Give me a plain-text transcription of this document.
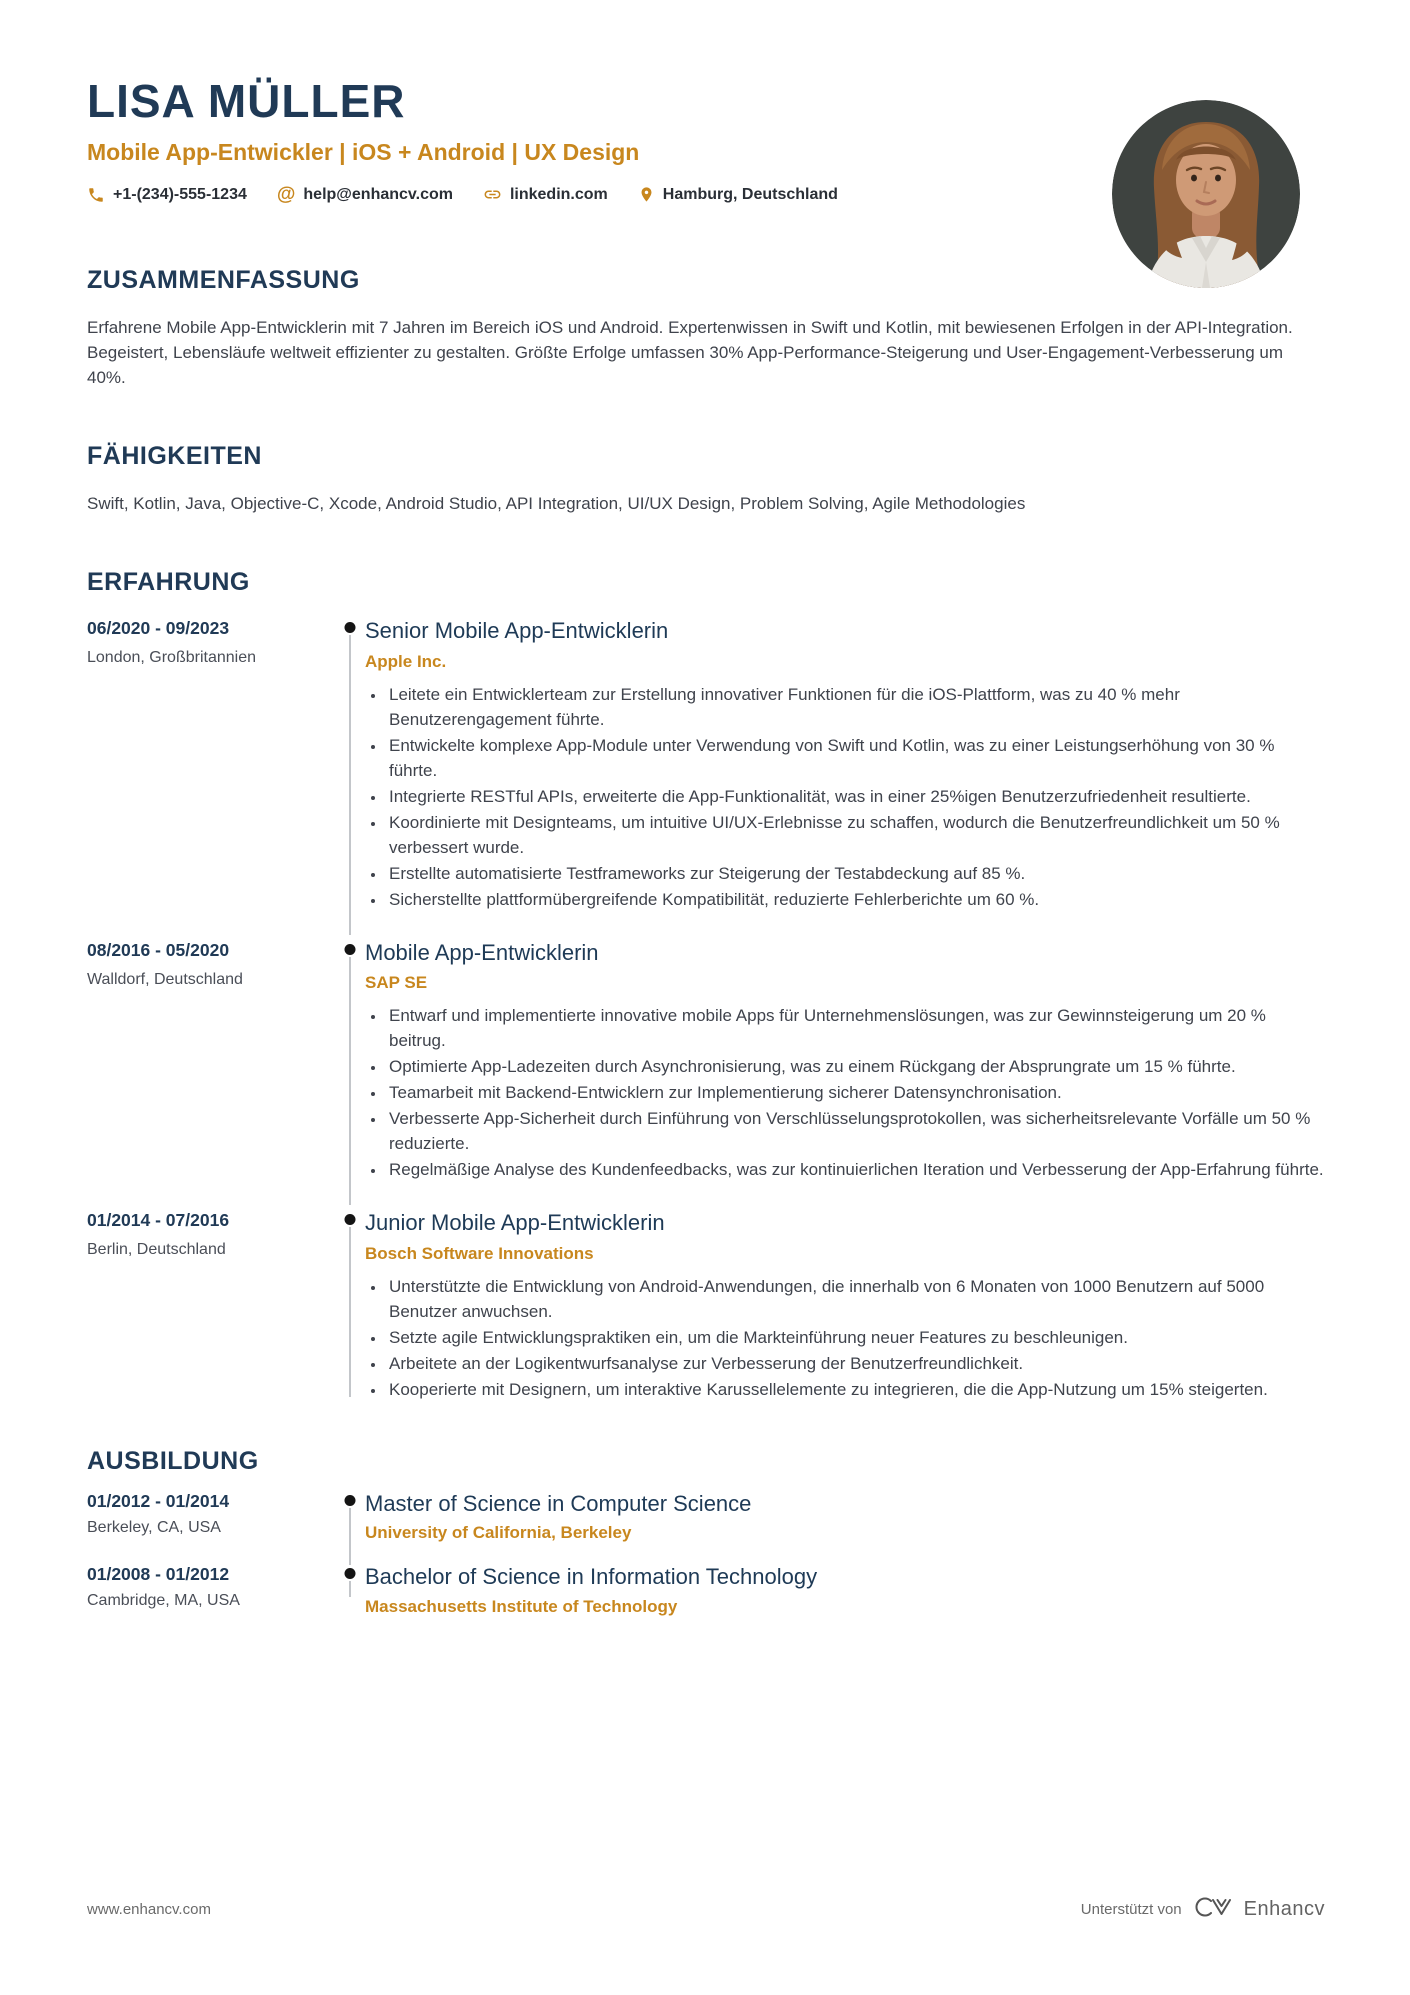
LISA MÜLLER
Mobile App-Entwickler | iOS + Android | UX Design
+1-(234)-555-1234 @ help@enhancv.com	linkedin.com	Hamburg, Deutschland
ZUSAMMENFASSUNG
Erfahrene Mobile App-Entwicklerin mit 7 Jahren im Bereich iOS und Android. Expertenwissen in Swift und Kotlin, mit bewiesenen Erfolgen in der API-Integration. Begeistert, Lebensläufe weltweit effizienter zu gestalten. Größte Erfolge umfassen 30% App-Performance-Steigerung und User-Engagement-Verbesserung um 40%.
FÄHIGKEITEN
Swift, Kotlin, Java, Objective-C, Xcode, Android Studio, API Integration, UI/UX Design, Problem Solving, Agile Methodologies
ERFAHRUNG
06/2020 - 09/2023
London, Großbritannien
Senior Mobile App-Entwicklerin
Apple Inc.
• Leitete ein Entwicklerteam zur Erstellung innovativer Funktionen für die iOS-Plattform, was zu 40 % mehr Benutzerengagement führte.
• Entwickelte komplexe App-Module unter Verwendung von Swift und Kotlin, was zu einer Leistungserhöhung von 30 % führte.
• Integrierte RESTful APIs, erweiterte die App-Funktionalität, was in einer 25%igen Benutzerzufriedenheit resultierte.
• Koordinierte mit Designteams, um intuitive UI/UX-Erlebnisse zu schaffen, wodurch die Benutzerfreundlichkeit um 50 % verbessert wurde.
• Erstellte automatisierte Testframeworks zur Steigerung der Testabdeckung auf 85 %.
• Sicherstellte plattformübergreifende Kompatibilität, reduzierte Fehlerberichte um 60 %.
08/2016 - 05/2020
Walldorf, Deutschland
Mobile App-Entwicklerin
SAP SE
• Entwarf und implementierte innovative mobile Apps für Unternehmenslösungen, was zur Gewinnsteigerung um 20 % beitrug.
• Optimierte App-Ladezeiten durch Asynchronisierung, was zu einem Rückgang der Absprungrate um 15 % führte.
• Teamarbeit mit Backend-Entwicklern zur Implementierung sicherer Datensynchronisation.
• Verbesserte App-Sicherheit durch Einführung von Verschlüsselungsprotokollen, was sicherheitsrelevante Vorfälle um 50 % reduzierte.
• Regelmäßige Analyse des Kundenfeedbacks, was zur kontinuierlichen Iteration und Verbesserung der App-Erfahrung führte.
01/2014 - 07/2016
Berlin, Deutschland
Junior Mobile App-Entwicklerin
Bosch Software Innovations
• Unterstützte die Entwicklung von Android-Anwendungen, die innerhalb von 6 Monaten von 1000 Benutzern auf 5000 Benutzer anwuchsen.
• Setzte agile Entwicklungspraktiken ein, um die Markteinführung neuer Features zu beschleunigen.
• Arbeitete an der Logikentwurfsanalyse zur Verbesserung der Benutzerfreundlichkeit.
• Kooperierte mit Designern, um interaktive Karussellelemente zu integrieren, die die App-Nutzung um 15% steigerten.
AUSBILDUNG
01/2012 - 01/2014
Berkeley, CA, USA
Master of Science in Computer Science
University of California, Berkeley
01/2008 - 01/2012
Cambridge, MA, USA
Bachelor of Science in Information Technology
Massachusetts Institute of Technology
www.enhancv.com	Unterstützt von	Enhancv
